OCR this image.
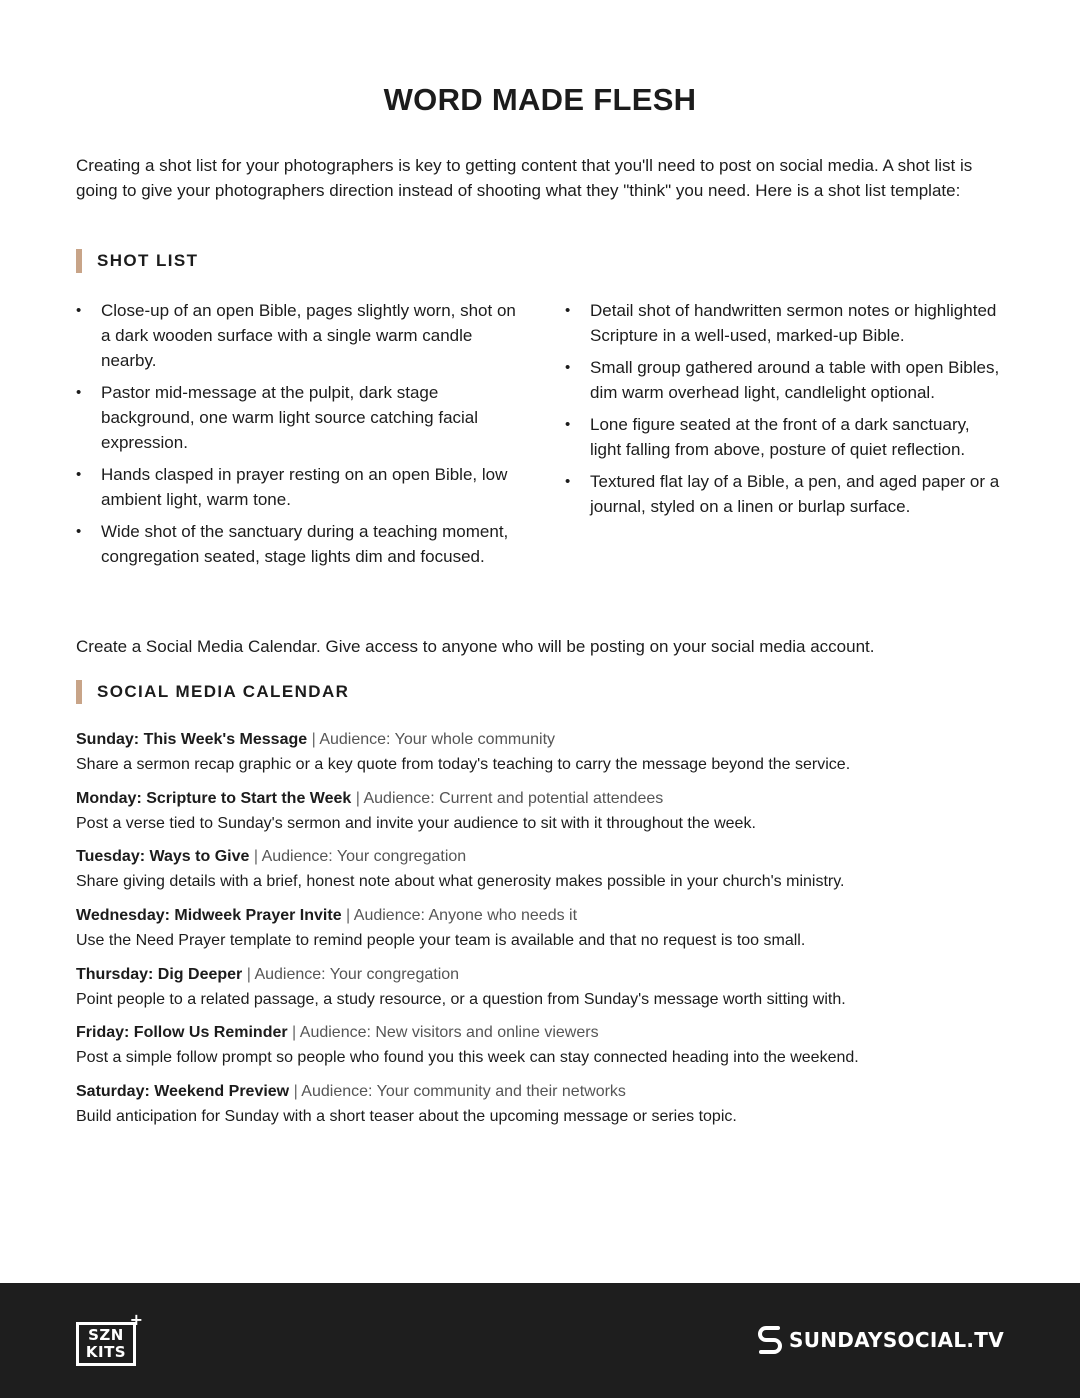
WORD MADE FLESH

Creating a shot list for your photographers is key to getting content that you'll need to post on social media. A shot list is going to give your photographers direction instead of shooting what they "think" you need. Here is a shot list template:

SHOT LIST
• Close-up of an open Bible, pages slightly worn, shot on a dark wooden surface with a single warm candle nearby.
• Pastor mid-message at the pulpit, dark stage background, one warm light source catching facial expression.
• Hands clasped in prayer resting on an open Bible, low ambient light, warm tone.
• Wide shot of the sanctuary during a teaching moment, congregation seated, stage lights dim and focused.
• Detail shot of handwritten sermon notes or highlighted Scripture in a well-used, marked-up Bible.
• Small group gathered around a table with open Bibles, dim warm overhead light, candlelight optional.
• Lone figure seated at the front of a dark sanctuary, light falling from above, posture of quiet reflection.
• Textured flat lay of a Bible, a pen, and aged paper or a journal, styled on a linen or burlap surface.

Create a Social Media Calendar. Give access to anyone who will be posting on your social media account.

SOCIAL MEDIA CALENDAR
Sunday: This Week's Message | Audience: Your whole community
Share a sermon recap graphic or a key quote from today's teaching to carry the message beyond the service.
Monday: Scripture to Start the Week | Audience: Current and potential attendees
Post a verse tied to Sunday's sermon and invite your audience to sit with it throughout the week.
Tuesday: Ways to Give | Audience: Your congregation
Share giving details with a brief, honest note about what generosity makes possible in your church's ministry.
Wednesday: Midweek Prayer Invite | Audience: Anyone who needs it
Use the Need Prayer template to remind people your team is available and that no request is too small.
Thursday: Dig Deeper | Audience: Your congregation
Point people to a related passage, a study resource, or a question from Sunday's message worth sitting with.
Friday: Follow Us Reminder | Audience: New visitors and online viewers
Post a simple follow prompt so people who found you this week can stay connected heading into the weekend.
Saturday: Weekend Preview | Audience: Your community and their networks
Build anticipation for Sunday with a short teaser about the upcoming message or series topic.
SZN
KITS
+
SUNDAYSOCIAL.TV
